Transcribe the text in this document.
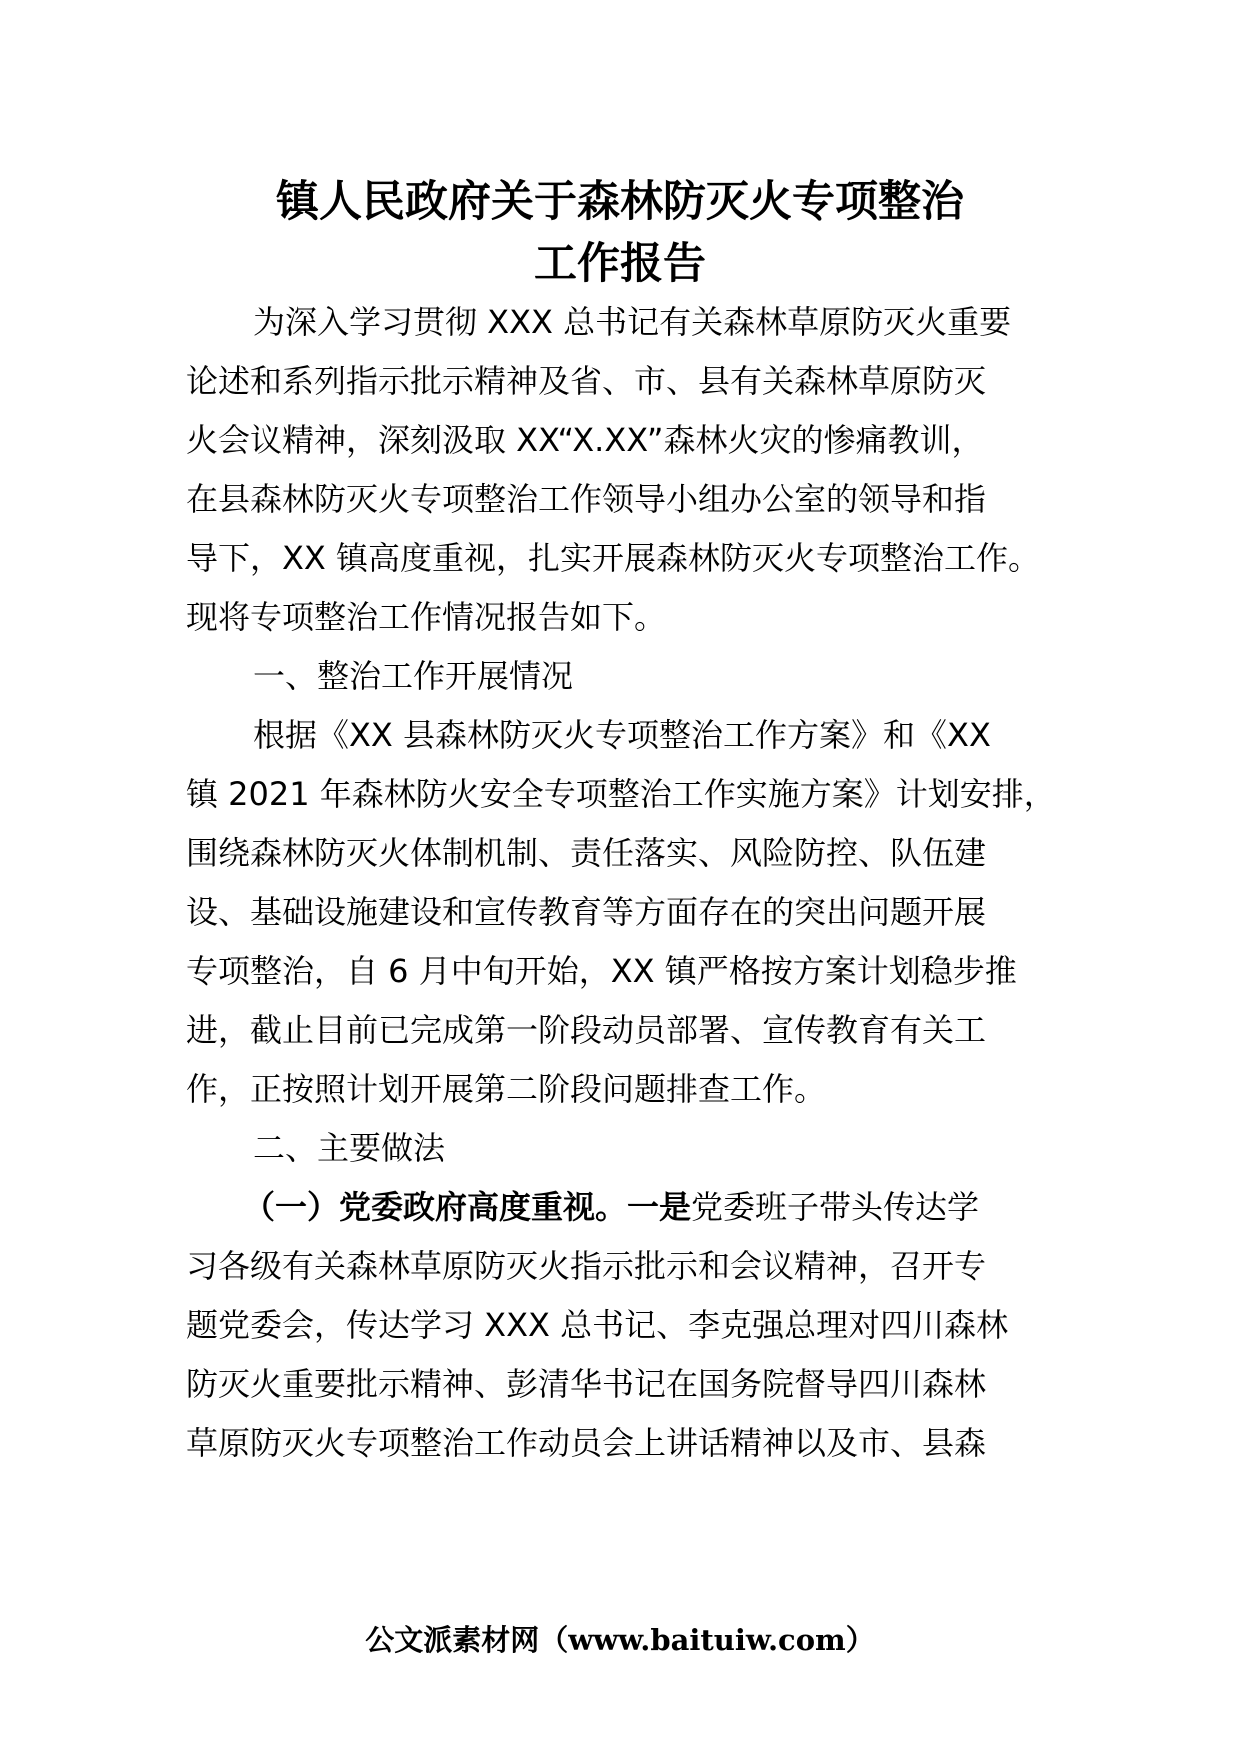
镇人民政府关于森林防灭火专项整治
工作报告

为深入学习贯彻 XXX 总书记有关森林草原防灭火重要

论述和系列指示批示精神及省、市、县有关森林草原防灭

火会议精神，深刻汲取 XX“X.XX”森林火灾的惨痛教训，

在县森林防灭火专项整治工作领导小组办公室的领导和指

导下，XX 镇高度重视，扎实开展森林防灭火专项整治工作。

现将专项整治工作情况报告如下。

一、整治工作开展情况

根据《XX 县森林防灭火专项整治工作方案》和《XX

镇 2021 年森林防火安全专项整治工作实施方案》计划安排，

围绕森林防灭火体制机制、责任落实、风险防控、队伍建

设、基础设施建设和宣传教育等方面存在的突出问题开展

专项整治，自 6 月中旬开始，XX 镇严格按方案计划稳步推

进，截止目前已完成第一阶段动员部署、宣传教育有关工

作，正按照计划开展第二阶段问题排查工作。

二、主要做法

（一）党委政府高度重视。一是党委班子带头传达学

习各级有关森林草原防灭火指示批示和会议精神，召开专

题党委会，传达学习 XXX 总书记、李克强总理对四川森林

防灭火重要批示精神、彭清华书记在国务院督导四川森林

草原防灭火专项整治工作动员会上讲话精神以及市、县森

公文派素材网（www.baituiw.com）
